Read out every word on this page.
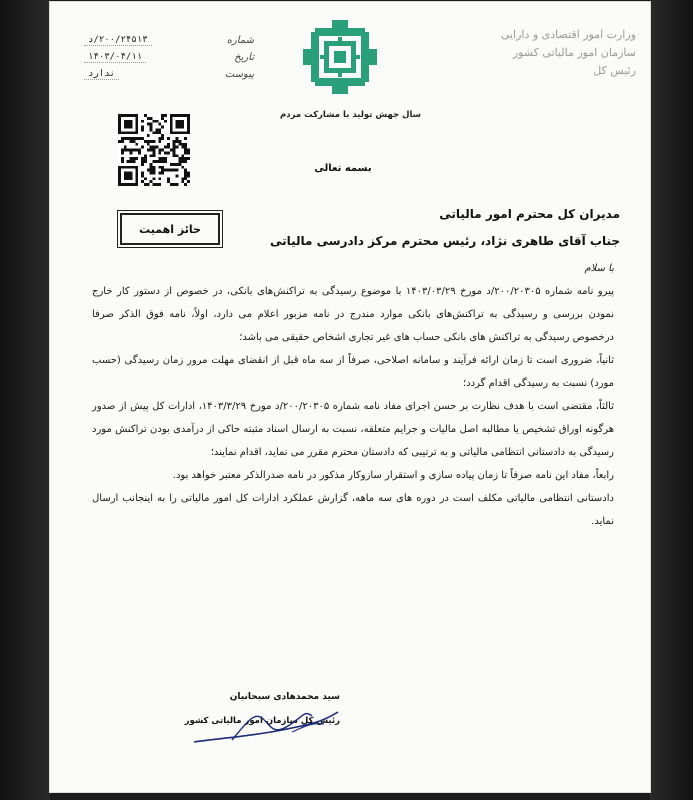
وزارت امور اقتصادی و دارایی
سازمان امور مالیاتی کشور
رئیس کل
سال جهش تولید با مشارکت مردم
شماره
۲۰۰/۲۴۵۱۳/د
تاریخ
۱۴۰۳/۰۴/۱۱
پیوست
ندارد
بسمه تعالی
حائز اهمیت
مدیران کل محترم امور مالیاتی
جناب آقای طاهری نژاد، رئیس محترم مرکز دادرسی مالیاتی

با سلام

پیرو نامه شماره ۲۰۰/۲۰۳۰۵/د مورخ ۱۴۰۳/۰۳/۲۹ با موضوع رسیدگی به تراکنش‌های بانکی، در خصوص از دستور کار خارج نمودن بررسی و رسیدگی به تراکنش‌های بانکی موارد مندرج در نامه مزبور اعلام می دارد، اولاً، نامه فوق الذکر صرفا درخصوص رسیدگی به تراکنش های بانکی حساب های غیر تجاری اشخاص حقیقی می باشد؛

ثانیاً، ضروری است تا زمان ارائه فرآیند و سامانه اصلاحی، صرفاً از سه ماه قبل از انقضای مهلت مرور زمان رسیدگی (حسب مورد) نسبت به رسیدگی اقدام گردد؛

ثالثاً، مقتضی است با هدف نظارت بر حسن اجرای مفاد نامه شماره ۲۰۰/۲۰۳۰۵/د مورخ ۱۴۰۳/۳/۲۹، ادارات کل پیش از صدور هرگونه اوراق تشخیص یا مطالبه اصل مالیات و جرایم متعلقه، نسبت به ارسال اسناد مثبته حاکی از درآمدی بودن تراکنش مورد رسیدگی به دادستانی انتظامی مالیاتی و به ترتیبی که دادستان محترم مقرر می نماید، اقدام نمایند؛

رابعاً، مفاد این نامه صرفاً تا زمان پیاده سازی و استقرار سازوکار مذکور در نامه صدرالذکر معتبر خواهد بود.

دادستانی انتظامی مالیاتی مکلف است در دوره های سه ماهه، گزارش عملکرد ادارات کل امور مالیاتی را به اینجانب ارسال نماید.

سید محمدهادی سبحانیان
رئیس کل سازمان امور مالیاتی کشور
